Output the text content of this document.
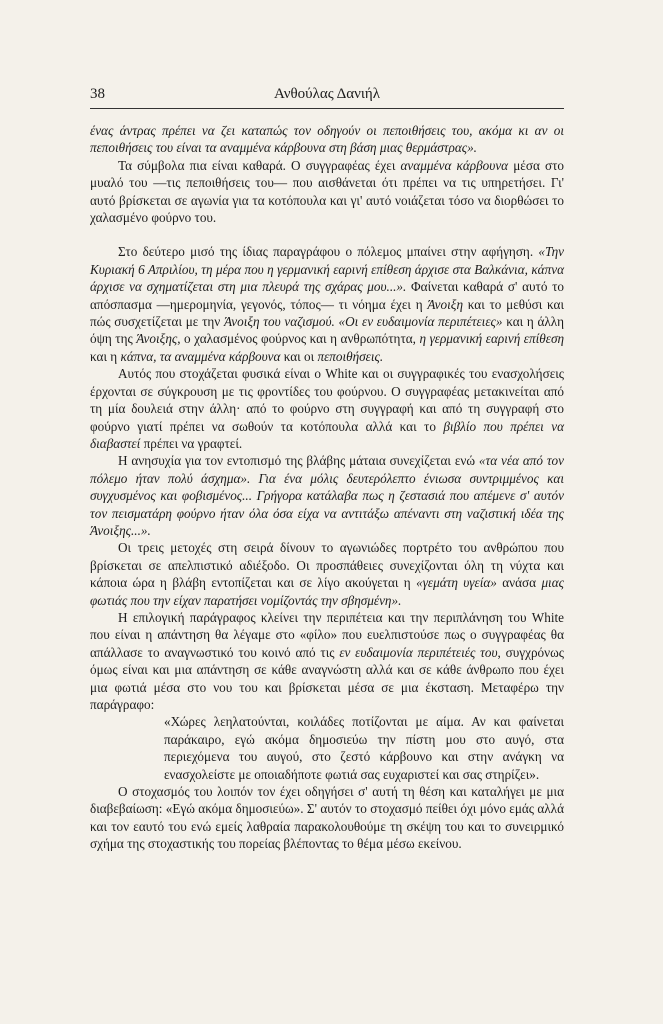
38	Ανθούλας Δανιήλ

ένας άντρας πρέπει να ζει καταπώς τον οδηγούν οι πεποιθήσεις του, ακόμα κι αν οι πεποιθήσεις του είναι τα αναμμένα κάρβουνα στη βάση μιας θερμάστρας».

Τα σύμβολα πια είναι καθαρά. Ο συγγραφέας έχει αναμμένα κάρβουνα μέσα στο μυαλό του —τις πεποιθήσεις του— που αισθάνεται ότι πρέπει να τις υπηρετήσει. Γι' αυτό βρίσκεται σε αγωνία για τα κοτόπουλα και γι' αυτό νοιάζεται τόσο να διορθώσει το χαλασμένο φούρνο του.

Στο δεύτερο μισό της ίδιας παραγράφου ο πόλεμος μπαίνει στην αφήγηση. «Την Κυριακή 6 Απριλίου, τη μέρα που η γερμανική εαρινή επίθεση άρχισε στα Βαλκάνια, κάπνα άρχισε να σχηματίζεται στη μια πλευρά της σχάρας μου...». Φαίνεται καθαρά σ' αυτό το απόσπασμα —ημερομηνία, γεγονός, τόπος— τι νόημα έχει η Άνοιξη και το μεθύσι και πώς συσχετίζεται με την Άνοιξη του ναζισμού. «Οι εν ευδαιμονία περιπέτειες» και η άλλη όψη της Άνοιξης, ο χαλασμένος φούρνος και η ανθρωπότητα, η γερμανική εαρινή επίθεση και η κάπνα, τα αναμμένα κάρβουνα και οι πεποιθήσεις.

Αυτός που στοχάζεται φυσικά είναι ο White και οι συγγραφικές του ενασχολήσεις έρχονται σε σύγκρουση με τις φροντίδες του φούρνου. Ο συγγραφέας μετακινείται από τη μία δουλειά στην άλλη· από το φούρνο στη συγγραφή και από τη συγγραφή στο φούρνο γιατί πρέπει να σωθούν τα κοτόπουλα αλλά και το βιβλίο που πρέπει να διαβαστεί πρέπει να γραφτεί.

Η ανησυχία για τον εντοπισμό της βλάβης μάταια συνεχίζεται ενώ «τα νέα από τον πόλεμο ήταν πολύ άσχημα». Για ένα μόλις δευτερόλεπτο ένιωσα συντριμμένος και συγχυσμένος και φοβισμένος... Γρήγορα κατάλαβα πως η ζεστασιά που απέμενε σ' αυτόν τον πεισματάρη φούρνο ήταν όλα όσα είχα να αντιτάξω απέναντι στη ναζιστική ιδέα της Άνοιξης...».

Οι τρεις μετοχές στη σειρά δίνουν το αγωνιώδες πορτρέτο του ανθρώπου που βρίσκεται σε απελπιστικό αδιέξοδο. Οι προσπάθειες συνεχίζονται όλη τη νύχτα και κάποια ώρα η βλάβη εντοπίζεται και σε λίγο ακούγεται η «γεμάτη υγεία» ανάσα μιας φωτιάς που την είχαν παρατήσει νομίζοντάς την σβησμένη».

Η επιλογική παράγραφος κλείνει την περιπέτεια και την περιπλάνηση του White που είναι η απάντηση θα λέγαμε στο «φίλο» που ευελπιστούσε πως ο συγγραφέας θα απάλλασε το αναγνωστικό του κοινό από τις εν ευδαιμονία περιπέτειές του, συγχρόνως όμως είναι και μια απάντηση σε κάθε αναγνώστη αλλά και σε κάθε άνθρωπο που έχει μια φωτιά μέσα στο νου του και βρίσκεται μέσα σε μια έκσταση. Μεταφέρω την παράγραφο:

«Χώρες λεηλατούνται, κοιλάδες ποτίζονται με αίμα. Αν και φαίνεται παράκαιρο, εγώ ακόμα δημοσιεύω την πίστη μου στο αυγό, στα περιεχόμενα του αυγού, στο ζεστό κάρβουνο και στην ανάγκη να ενασχολείστε με οποιαδήποτε φωτιά σας ευχαριστεί και σας στηρίζει».

Ο στοχασμός του λοιπόν τον έχει οδηγήσει σ' αυτή τη θέση και καταλήγει με μια διαβεβαίωση: «Εγώ ακόμα δημοσιεύω». Σ' αυτόν το στοχασμό πείθει όχι μόνο εμάς αλλά και τον εαυτό του ενώ εμείς λαθραία παρακολουθούμε τη σκέψη του και το συνειρμικό σχήμα της στοχαστικής του πορείας βλέποντας το θέμα μέσω εκείνου.
